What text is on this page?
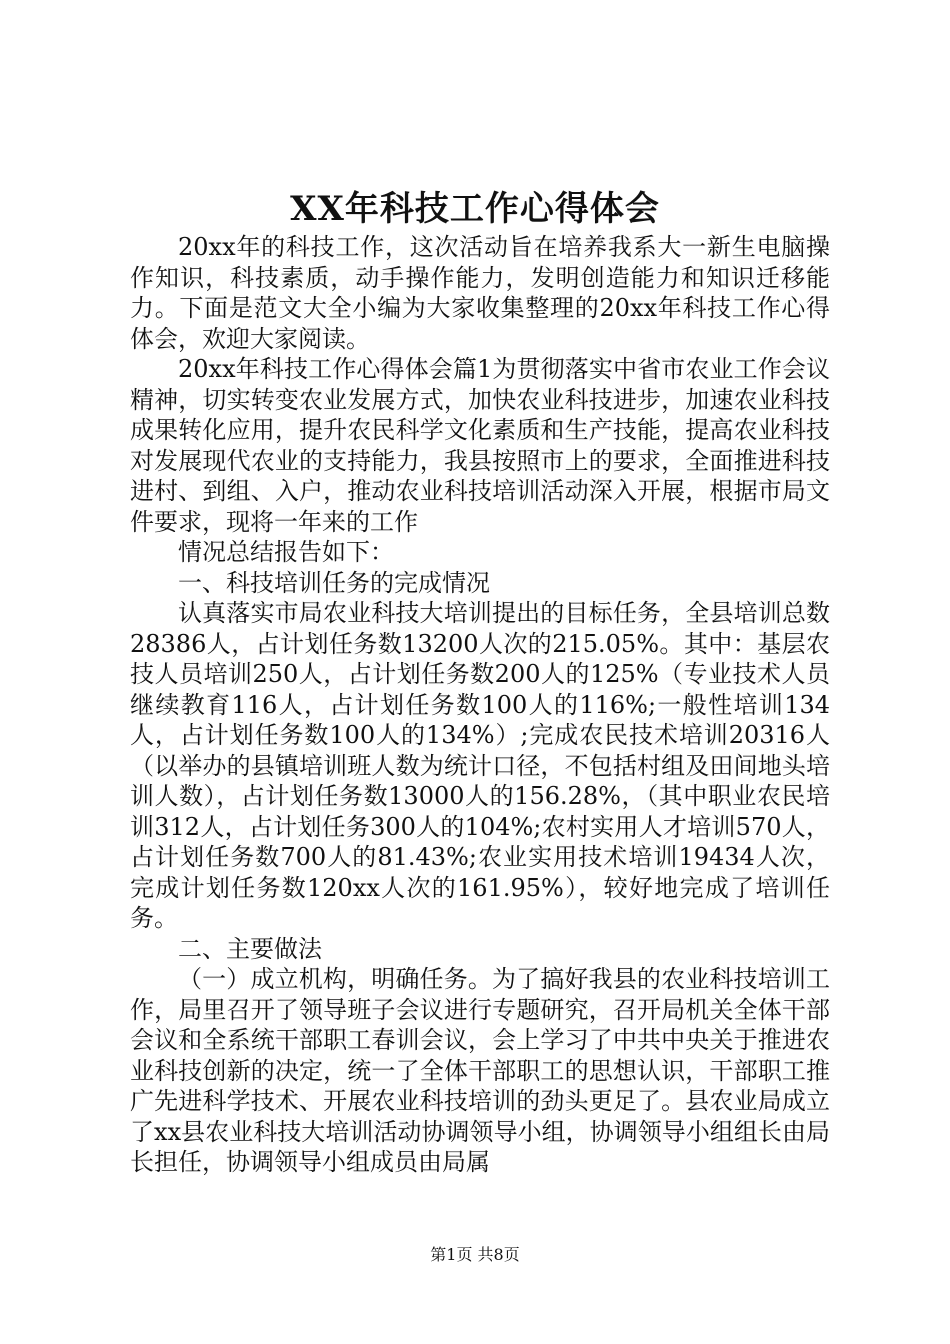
XX年科技工作心得体会

20xx年的科技工作，这次活动旨在培养我系大一新生电脑操作知识，科技素质，动手操作能力，发明创造能力和知识迁移能力。下面是范文大全小编为大家收集整理的20xx年科技工作心得体会，欢迎大家阅读。

20xx年科技工作心得体会篇1为贯彻落实中省市农业工作会议精神，切实转变农业发展方式，加快农业科技进步，加速农业科技成果转化应用，提升农民科学文化素质和生产技能，提高农业科技对发展现代农业的支持能力，我县按照市上的要求，全面推进科技进村、到组、入户，推动农业科技培训活动深入开展，根据市局文件要求，现将一年来的工作

情况总结报告如下：

一、科技培训任务的完成情况

认真落实市局农业科技大培训提出的目标任务，全县培训总数28386人，占计划任务数13200人次的215.05%。其中：基层农技人员培训250人，占计划任务数200人的125%（专业技术人员继续教育116人，占计划任务数100人的116%;一般性培训134人，占计划任务数100人的134%）;完成农民技术培训20316人（以举办的县镇培训班人数为统计口径，不包括村组及田间地头培训人数），占计划任务数13000人的156.28%，（其中职业农民培训312人，占计划任务300人的104%;农村实用人才培训570人，占计划任务数700人的81.43%;农业实用技术培训19434人次，完成计划任务数120xx人次的161.95%），较好地完成了培训任务。

二、主要做法

（一）成立机构，明确任务。为了搞好我县的农业科技培训工作，局里召开了领导班子会议进行专题研究，召开局机关全体干部会议和全系统干部职工春训会议，会上学习了中共中央关于推进农业科技创新的决定，统一了全体干部职工的思想认识，干部职工推广先进科学技术、开展农业科技培训的劲头更足了。县农业局成立了xx县农业科技大培训活动协调领导小组，协调领导小组组长由局长担任，协调领导小组成员由局属

第1页 共8页
